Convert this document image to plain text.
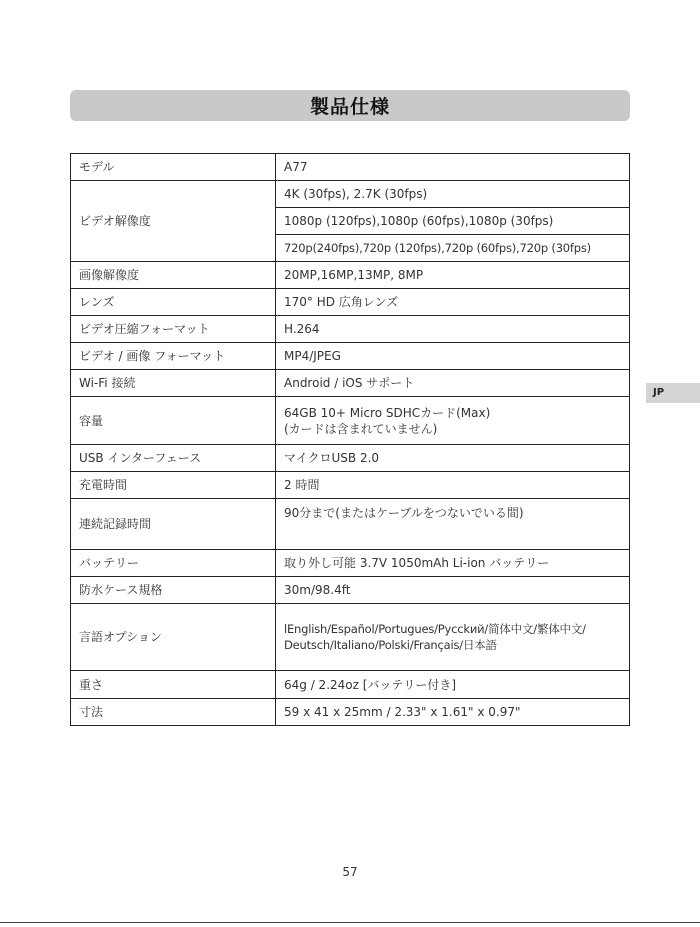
製品仕様
モデル	A77
ビデオ解像度	4K (30fps), 2.7K (30fps)
	1080p (120fps),1080p (60fps),1080p (30fps)
	720p(240fps),720p (120fps),720p (60fps),720p (30fps)
画像解像度	20MP,16MP,13MP, 8MP
レンズ	170° HD 広角レンズ
ビデオ圧縮フォーマット	H.264
ビデオ / 画像 フォーマット	MP4/JPEG
Wi-Fi 接続	Android / iOS サポート
容量	64GB 10+ Micro SDHCカード(Max)
(カードは含まれていません)

USB インターフェース	マイクロUSB 2.0
充電時間	2 時間
連続記録時間	90分まで(またはケーブルをつないでいる間)
バッテリー	取り外し可能 3.7V 1050mAh Li-ion バッテリー
防水ケース規格	30m/98.4ft
言語オプション	lEnglish/Español/Portugues/Pycckий/简体中文/繁体中文/
Deutsch/Italiano/Polski/Français/日本語

重さ	64g / 2.24oz [バッテリー付き]
寸法	59 x 41 x 25mm / 2.33" x 1.61" x 0.97"
JP
57
